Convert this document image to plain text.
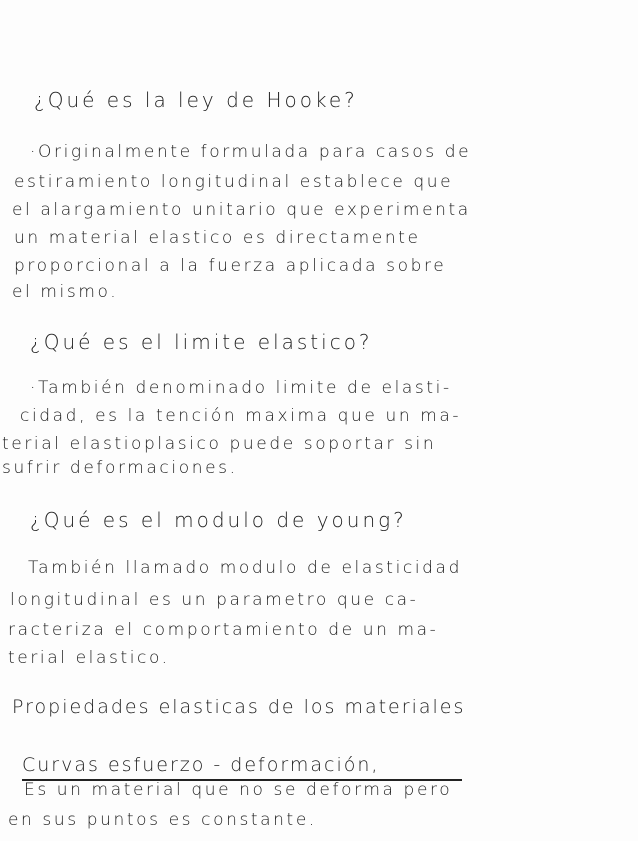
¿Qué es la ley de Hooke?
·Originalmente formulada para casos de
estiramiento longitudinal establece que
el alargamiento unitario que experimenta
un material elastico es directamente
proporcional a la fuerza aplicada sobre
el mismo.
¿Qué es el limite elastico?
·También denominado limite de elasti-
cidad, es la tención maxima que un ma-
terial elastioplasico puede soportar sin
sufrir deformaciones.
¿Qué es el modulo de young?
También llamado modulo de elasticidad
longitudinal es un parametro que ca-
racteriza el comportamiento de un ma-
terial elastico.
Propiedades elasticas de los materiales
Curvas esfuerzo - deformación,
Es un material que no se deforma pero
en sus puntos es constante.
